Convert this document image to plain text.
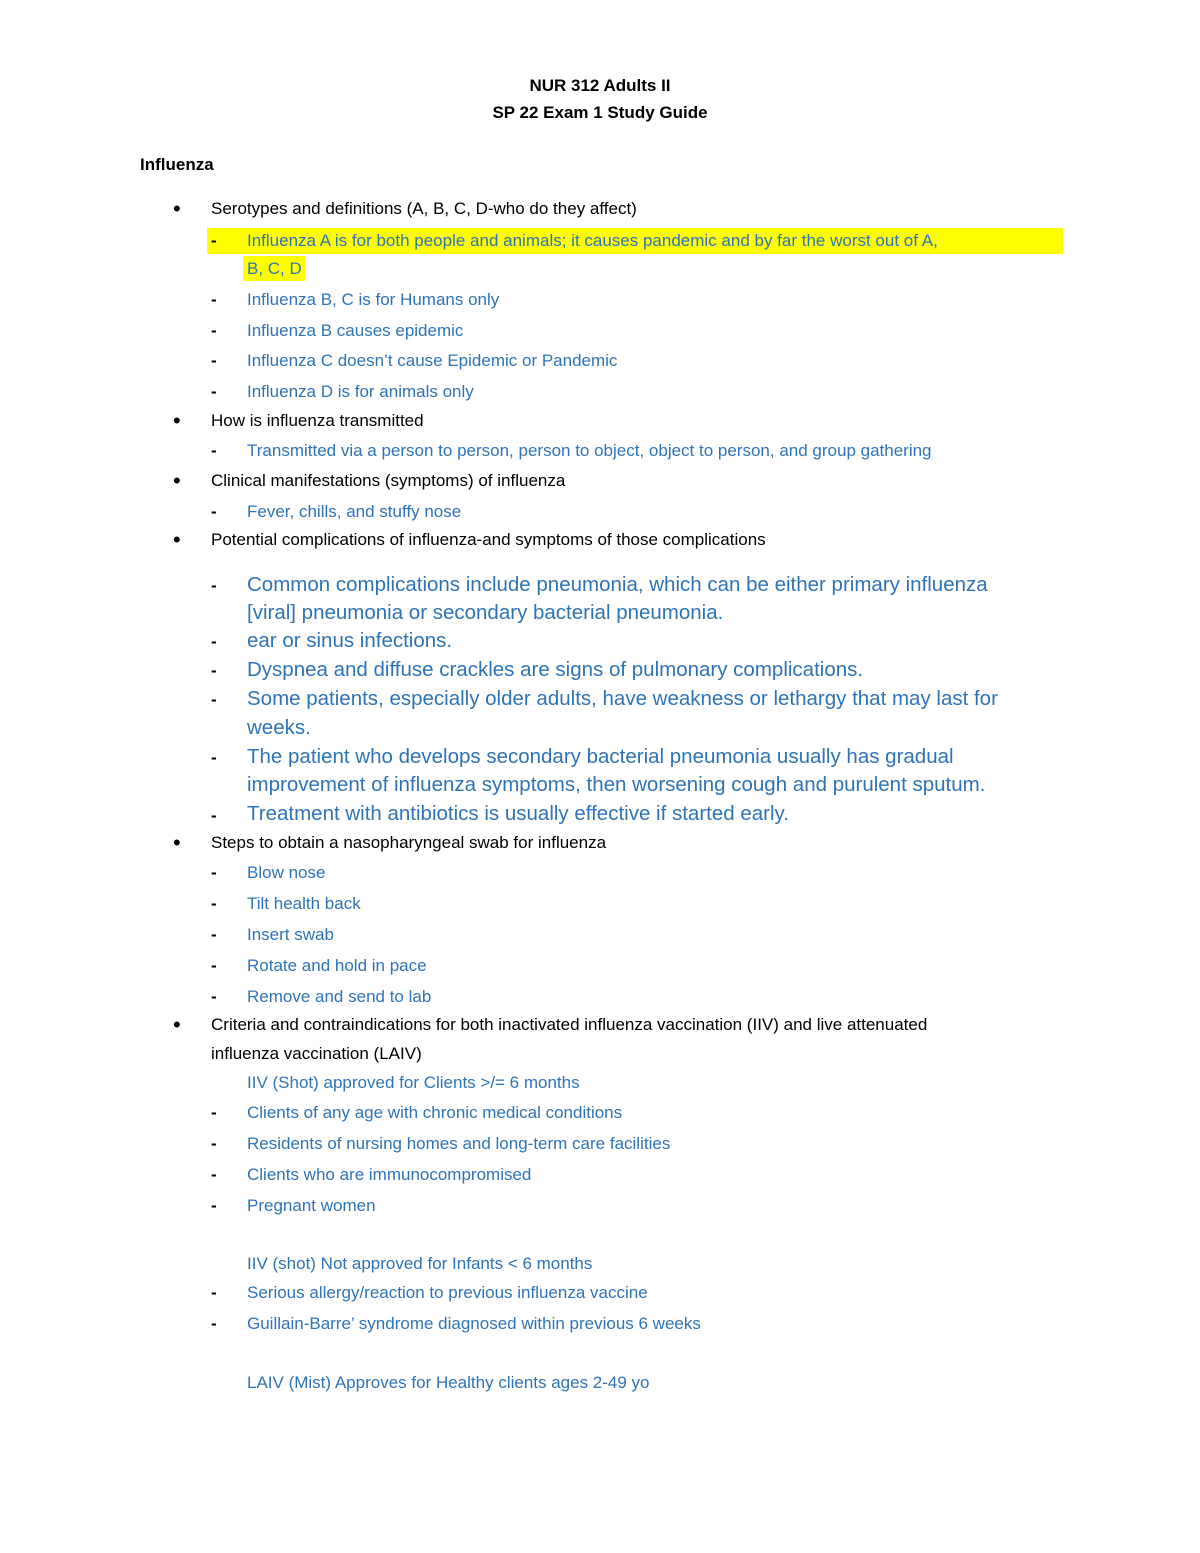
NUR 312 Adults II
SP 22 Exam 1 Study Guide
Influenza
• Serotypes and definitions (A, B, C, D-who do they affect)
- Influenza A is for both people and animals; it causes pandemic and by far the worst out of A,
B, C, D
- Influenza B, C is for Humans only
- Influenza B causes epidemic
- Influenza C doesn’t cause Epidemic or Pandemic
- Influenza D is for animals only
• How is influenza transmitted
- Transmitted via a person to person, person to object, object to person, and group gathering
• Clinical manifestations (symptoms) of influenza
- Fever, chills, and stuffy nose
• Potential complications of influenza-and symptoms of those complications
- Common complications include pneumonia, which can be either primary influenza
[viral] pneumonia or secondary bacterial pneumonia.
- ear or sinus infections.
- Dyspnea and diffuse crackles are signs of pulmonary complications.
- Some patients, especially older adults, have weakness or lethargy that may last for
weeks.
- The patient who develops secondary bacterial pneumonia usually has gradual
improvement of influenza symptoms, then worsening cough and purulent sputum.
- Treatment with antibiotics is usually effective if started early.
• Steps to obtain a nasopharyngeal swab for influenza
- Blow nose
- Tilt health back
- Insert swab
- Rotate and hold in pace
- Remove and send to lab
• Criteria and contraindications for both inactivated influenza vaccination (IIV) and live attenuated
influenza vaccination (LAIV)
IIV (Shot) approved for Clients >/= 6 months
- Clients of any age with chronic medical conditions
- Residents of nursing homes and long-term care facilities
- Clients who are immunocompromised
- Pregnant women
IIV (shot) Not approved for Infants < 6 months
- Serious allergy/reaction to previous influenza vaccine
- Guillain-Barre’ syndrome diagnosed within previous 6 weeks
LAIV (Mist) Approves for Healthy clients ages 2-49 yo
